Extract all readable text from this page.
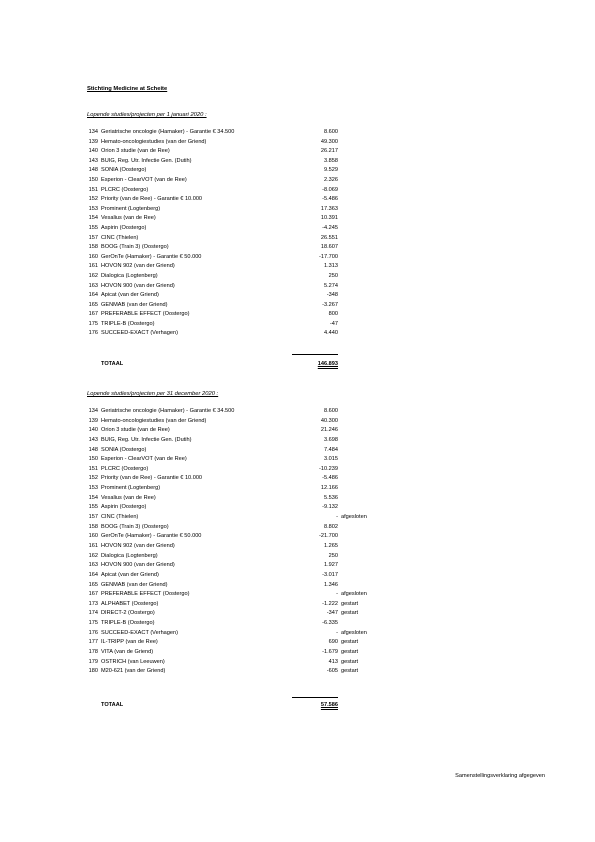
Stichting Medicine at Scheite
Lopende studies/projecten per 1 januari 2020 :
134 Geriatrische oncologie (Hamaker) - Garantie € 34.500	8.600
139 Hemato-oncologiestudies (van der Griend)	49.300
140 Orion 3 studie (van de Ree)	26.217
143 BUIG, Reg. Utr. Infectie Gen. (Dutih)	3.858
148 SONIA (Oostergo)	9.529
150 Esperion - ClearVOT (van de Ree)	2.326
151 PLCRC (Oostergo)	-8.069
152 Priority (van de Ree) - Garantie € 10.000	-5.486
153 Prominent (Logtenberg)	17.363
154 Vesalius (van de Ree)	10.391
155 Aspirin (Oostergo)	-4.245
157 CINC (Thielen)	26.551
158 BOOG (Train 3) (Oostergo)	18.607
160 GerOnTe (Hamaker) - Garantie € 50.000	-17.700
161 HOVON 902 (van der Griend)	1.313
162 Dialogica (Logtenberg)	250
163 HOVON 900 (van der Griend)	5.274
164 Apicat (van der Griend)	-348
165 GENMAB (van der Griend)	-3.267
167 PREFERABLE EFFECT (Oostergo)	800
175 TRIPLE-B (Oostergo)	-47
176 SUCCEED-EXACT (Verhagen)	4.440
TOTAAL	146.893
Lopende studies/projecten per 31 december 2020 :
134 Geriatrische oncologie (Hamaker) - Garantie € 34.500	8.600
139 Hemato-oncologiestudies (van der Griend)	40.300
140 Orion 3 studie (van de Ree)	21.246
143 BUIG, Reg. Utr. Infectie Gen. (Dutih)	3.698
148 SONIA (Oostergo)	7.484
150 Esperion - ClearVOT (van de Ree)	3.015
151 PLCRC (Oostergo)	-10.239
152 Priority (van de Ree) - Garantie € 10.000	-5.486
153 Prominent (Logtenberg)	12.166
154 Vesalius (van de Ree)	5.536
155 Aspirin (Oostergo)	-9.132
157 CINC (Thielen)	- afgesloten
158 BOOG (Train 3) (Oostergo)	8.802
160 GerOnTe (Hamaker) - Garantie € 50.000	-21.700
161 HOVON 902 (van der Griend)	1.265
162 Dialogica (Logtenberg)	250
163 HOVON 900 (van der Griend)	1.927
164 Apicat (van der Griend)	-3.017
165 GENMAB (van der Griend)	1.346
167 PREFERABLE EFFECT (Oostergo)	- afgesloten
173 ALPHABET (Oostergo)	-1.222 gestart
174 DIRECT-2 (Oostergo)	-347 gestart
175 TRIPLE-B (Oostergo)	-6.335
176 SUCCEED-EXACT (Verhagen)	- afgesloten
177 IL-TRIPP (van de Ree)	690 gestart
178 VITA (van de Griend)	-1.679 gestart
179 OSTRICH (van Leeuwen)	413 gestart
180 M20-621 (van der Griend)	-605 gestart
TOTAAL	57.586
Samenstellingsverklaring afgegeven
